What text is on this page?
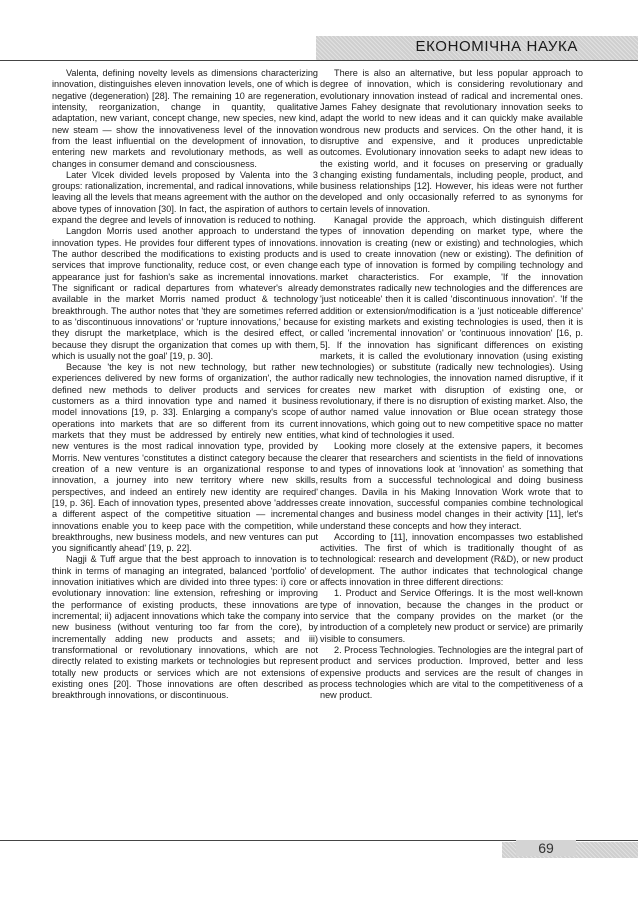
ЕКОНОМІЧНА НАУКА

Valenta, defining novelty levels as dimensions characterizing innovation, distinguishes eleven innovation levels, one of which is negative (degeneration) [28]. The remaining 10 are regeneration, intensity, reorganization, change in quantity, qualitative adaptation, new variant, concept change, new species, new kind, new steam — show the innovativeness level of the innovation from the least influential on the development of innovation, to entering new markets and revolutionary methods, as well as changes in consumer demand and consciousness.

Later Vlcek divided levels proposed by Valenta into the 3 groups: rationalization, incremental, and radical innovations, while leaving all the levels that means agreement with the author on the above types of innovation [30]. In fact, the aspiration of authors to expand the degree and levels of innovation is reduced to nothing.

Langdon Morris used another approach to understand the innovation types. He provides four different types of innovations. The author described the modifications to existing products and services that improve functionality, reduce cost, or even change appearance just for fashion's sake as incremental innovations. The significant or radical departures from whatever's already available in the market Morris named product & technology breakthrough. The author notes that 'they are sometimes referred to as 'discontinuous innovations' or 'rupture innovations,' because they disrupt the marketplace, which is the desired effect, or because they disrupt the organization that comes up with them, which is usually not the goal' [19, p. 30].

Because 'the key is not new technology, but rather new experiences delivered by new forms of organization', the author defined new methods to deliver products and services for customers as a third innovation type and named it business model innovations [19, p. 33]. Enlarging a company's scope of operations into markets that are so different from its current markets that they must be addressed by entirely new entities, new ventures is the most radical innovation type, provided by Morris. New ventures 'constitutes a distinct category because the creation of a new venture is an organizational response to innovation, a journey into new territory where new skills, perspectives, and indeed an entirely new identity are required' [19, p. 36]. Each of innovation types, presented above 'addresses a different aspect of the competitive situation — incremental innovations enable you to keep pace with the competition, while breakthroughs, new business models, and new ventures can put you significantly ahead' [19, p. 22].

Nagji & Tuff argue that the best approach to innovation is to think in terms of managing an integrated, balanced 'portfolio' of innovation initiatives which are divided into three types: i) core or evolutionary innovation: line extension, refreshing or improving the performance of existing products, these innovations are incremental; ii) adjacent innovations which take the company into new business (without venturing too far from the core), by incrementally adding new products and assets; and iii) transformational or revolutionary innovations, which are not directly related to existing markets or technologies but represent totally new products or services which are not extensions of existing ones [20]. Those innovations are often described as breakthrough innovations, or discontinuous.

There is also an alternative, but less popular approach to degree of innovation, which is considering revolutionary and evolutionary innovation instead of radical and incremental ones. James Fahey designate that revolutionary innovation seeks to adapt the world to new ideas and it can quickly make available wondrous new products and services. On the other hand, it is disruptive and expensive, and it produces unpredictable outcomes. Evolutionary innovation seeks to adapt new ideas to the existing world, and it focuses on preserving or gradually changing existing fundamentals, including people, product, and business relationships [12]. However, his ideas were not further developed and only occasionally referred to as synonyms for certain levels of innovation.

Kanagal provide the approach, which distinguish different types of innovation depending on market type, where the innovation is creating (new or existing) and technologies, which is used to create innovation (new or existing). The definition of each type of innovation is formed by compiling technology and market characteristics. For example, 'If the innovation demonstrates radically new technologies and the differences are 'just noticeable' then it is called 'discontinuous innovation'. 'If the addition or extension/modification is a 'just noticeable difference' for existing markets and existing technologies is used, then it is called 'incremental innovation' or 'continuous innovation' [16, p. 5]. If the innovation has significant differences on existing markets, it is called the evolutionary innovation (using existing technologies) or substitute (radically new technologies). Using radically new technologies, the innovation named disruptive, if it creates new market with disruption of existing one, or revolutionary, if there is no disruption of existing market. Also, the author named value innovation or Blue ocean strategy those innovations, which going out to new competitive space no matter what kind of technologies it used.

Looking more closely at the extensive papers, it becomes clearer that researchers and scientists in the field of innovations and types of innovations look at 'innovation' as something that results from a successful technological and doing business changes. Davila in his Making Innovation Work wrote that to create innovation, successful companies combine technological changes and business model changes in their activity [11], let's understand these concepts and how they interact.

According to [11], innovation encompasses two established activities. The first of which is traditionally thought of as technological: research and development (R&D), or new product development. The author indicates that technological change affects innovation in three different directions:

1. Product and Service Offerings. It is the most well-known type of innovation, because the changes in the product or service that the company provides on the market (or the introduction of a completely new product or service) are primarily visible to consumers.

2. Process Technologies. Technologies are the integral part of product and services production. Improved, better and less expensive products and services are the result of changes in process technologies which are vital to the competitiveness of a new product.

69
